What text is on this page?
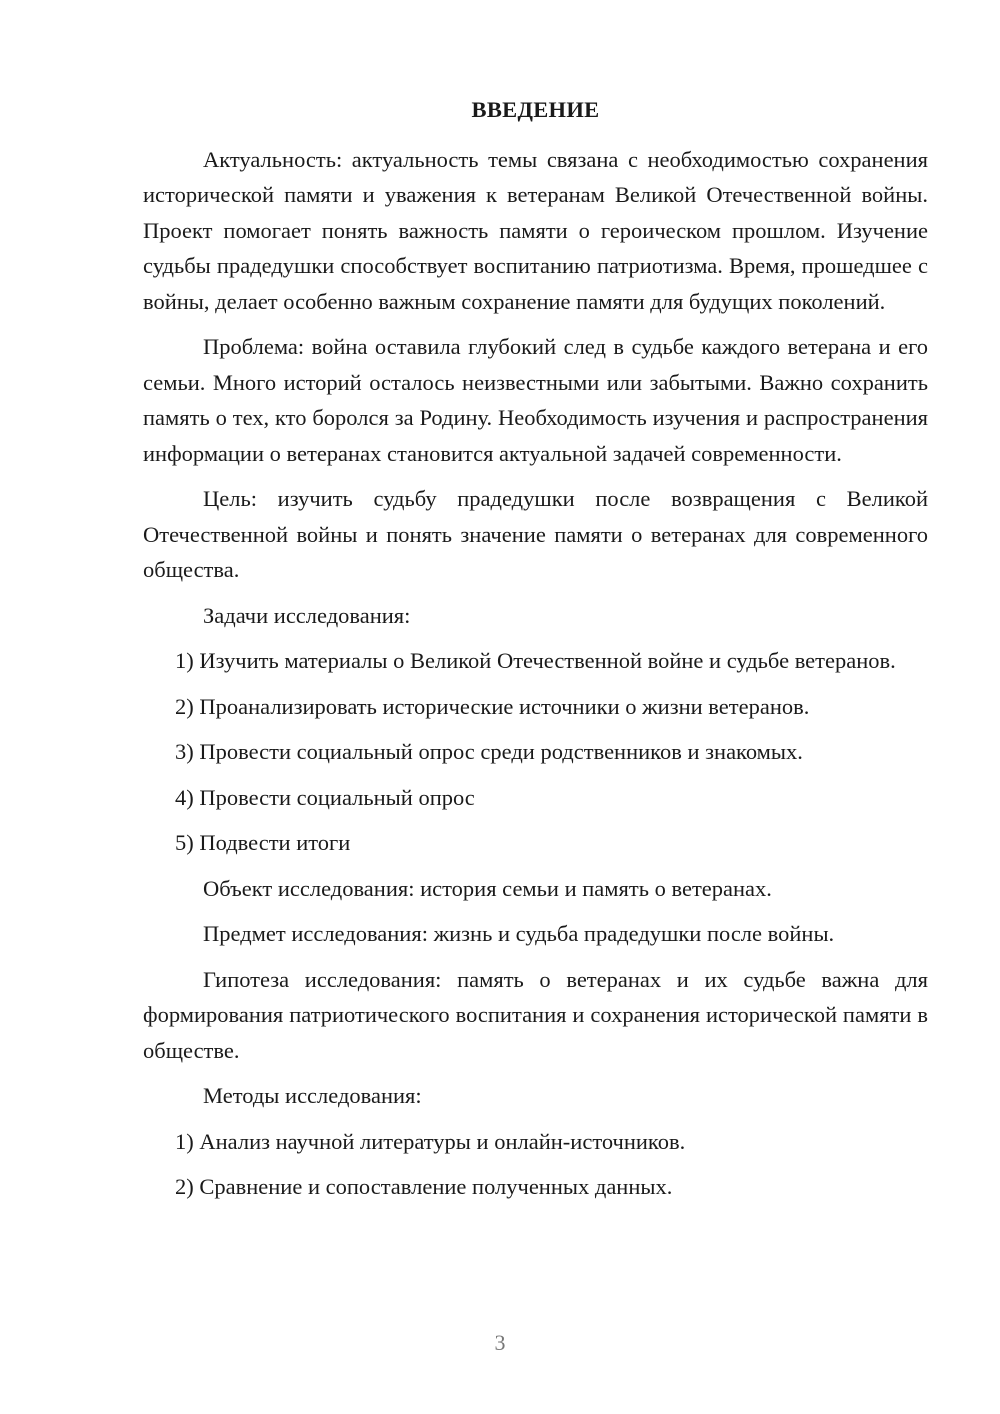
ВВЕДЕНИЕ

Актуальность: актуальность темы связана с необходимостью сохранения исторической памяти и уважения к ветеранам Великой Отечественной войны. Проект помогает понять важность памяти о героическом прошлом. Изучение судьбы прадедушки способствует воспитанию патриотизма. Время, прошедшее с войны, делает особенно важным сохранение памяти для будущих поколений.

Проблема: война оставила глубокий след в судьбе каждого ветерана и его семьи. Много историй осталось неизвестными или забытыми. Важно сохранить память о тех, кто боролся за Родину. Необходимость изучения и распространения информации о ветеранах становится актуальной задачей современности.

Цель: изучить судьбу прадедушки после возвращения с Великой Отечественной войны и понять значение памяти о ветеранах для современного общества.

Задачи исследования:

1) Изучить материалы о Великой Отечественной войне и судьбе ветеранов.

2) Проанализировать исторические источники о жизни ветеранов.

3) Провести социальный опрос среди родственников и знакомых.

4) Провести социальный опрос

5) Подвести итоги

Объект исследования: история семьи и память о ветеранах.

Предмет исследования: жизнь и судьба прадедушки после войны.

Гипотеза исследования: память о ветеранах и их судьбе важна для формирования патриотического воспитания и сохранения исторической памяти в обществе.

Методы исследования:

1) Анализ научной литературы и онлайн-источников.

2) Сравнение и сопоставление полученных данных.

3
